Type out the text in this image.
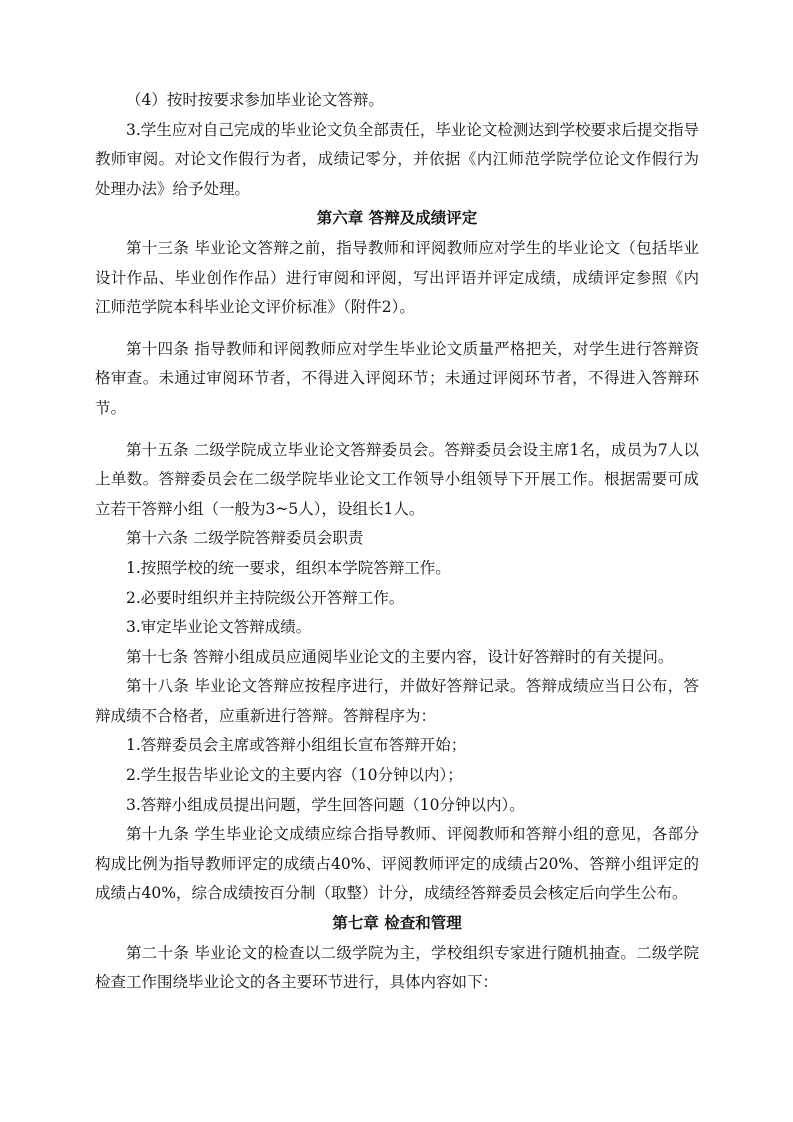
（4）按时按要求参加毕业论文答辩。

3.学生应对自己完成的毕业论文负全部责任，毕业论文检测达到学校要求后提交指导教师审阅。对论文作假行为者，成绩记零分，并依据《内江师范学院学位论文作假行为处理办法》给予处理。

第六章 答辩及成绩评定

第十三条 毕业论文答辩之前，指导教师和评阅教师应对学生的毕业论文（包括毕业设计作品、毕业创作作品）进行审阅和评阅，写出评语并评定成绩，成绩评定参照《内江师范学院本科毕业论文评价标准》（附件2）。

第十四条 指导教师和评阅教师应对学生毕业论文质量严格把关，对学生进行答辩资格审查。未通过审阅环节者，不得进入评阅环节；未通过评阅环节者，不得进入答辩环节。

第十五条 二级学院成立毕业论文答辩委员会。答辩委员会设主席1名，成员为7人以上单数。答辩委员会在二级学院毕业论文工作领导小组领导下开展工作。根据需要可成立若干答辩小组（一般为3~5人），设组长1人。

第十六条 二级学院答辩委员会职责

1.按照学校的统一要求，组织本学院答辩工作。

2.必要时组织并主持院级公开答辩工作。

3.审定毕业论文答辩成绩。

第十七条 答辩小组成员应通阅毕业论文的主要内容，设计好答辩时的有关提问。

第十八条 毕业论文答辩应按程序进行，并做好答辩记录。答辩成绩应当日公布，答辩成绩不合格者，应重新进行答辩。答辩程序为：

1.答辩委员会主席或答辩小组组长宣布答辩开始；

2.学生报告毕业论文的主要内容（10分钟以内）；

3.答辩小组成员提出问题，学生回答问题（10分钟以内）。

第十九条 学生毕业论文成绩应综合指导教师、评阅教师和答辩小组的意见，各部分构成比例为指导教师评定的成绩占40%、评阅教师评定的成绩占20%、答辩小组评定的成绩占40%，综合成绩按百分制（取整）计分，成绩经答辩委员会核定后向学生公布。

第七章 检查和管理

第二十条 毕业论文的检查以二级学院为主，学校组织专家进行随机抽查。二级学院检查工作围绕毕业论文的各主要环节进行，具体内容如下：
